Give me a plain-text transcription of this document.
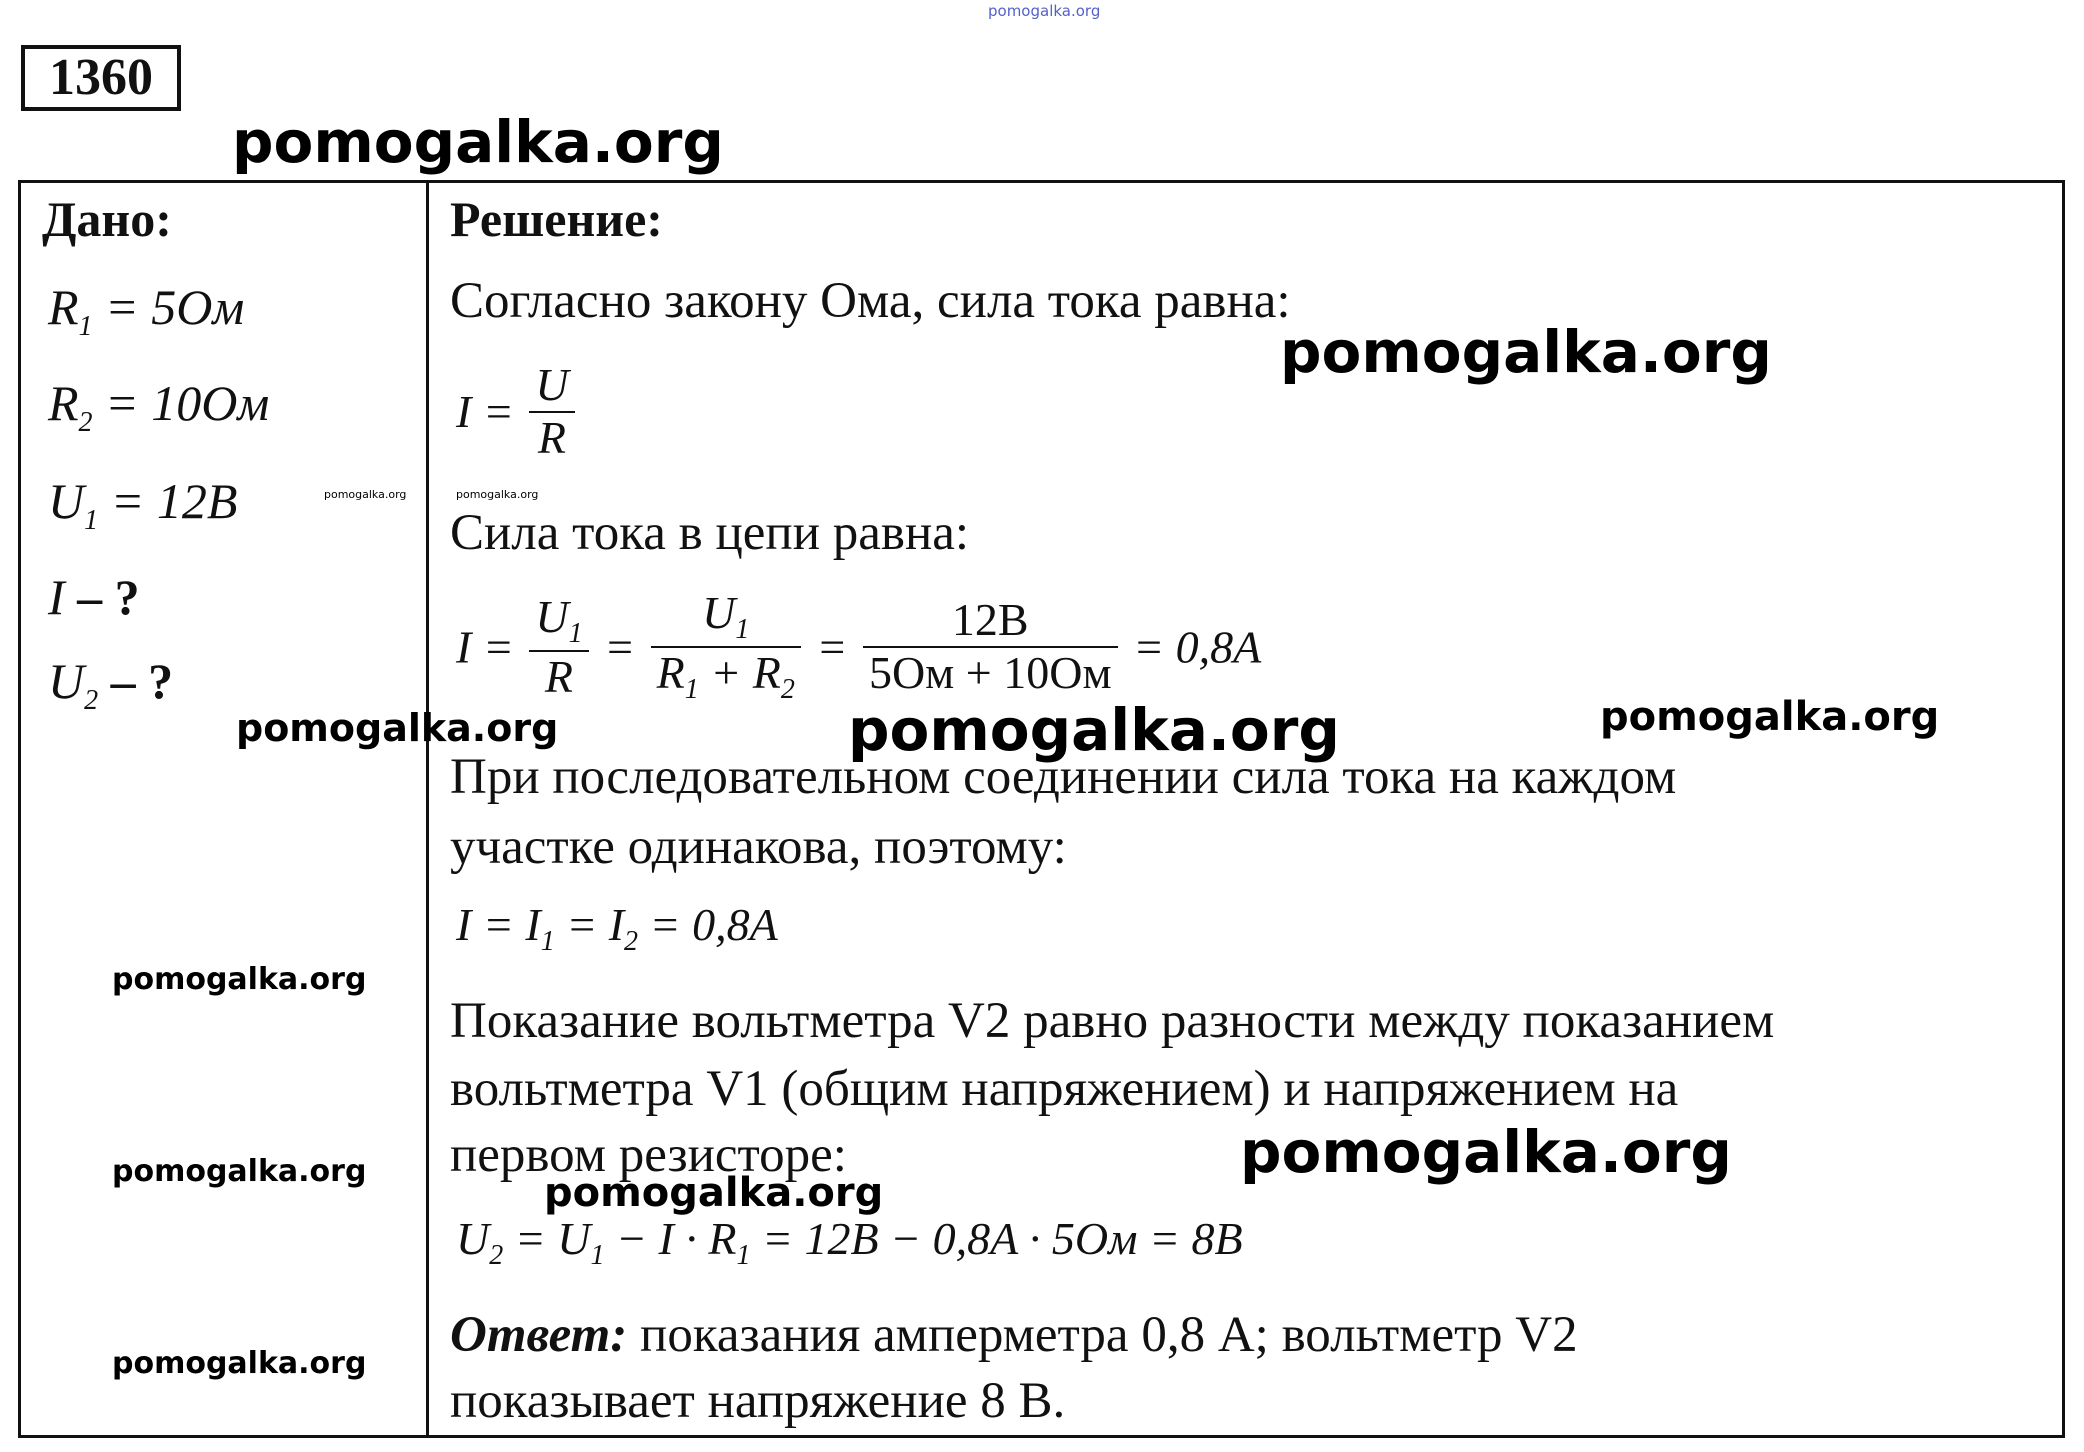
pomogalka.org
1360
pomogalka.org
Дано:
$R_1 = 5Ом$
$R_2 = 10Ом$
$U_1 = 12В$
I – ?
$U_2$ – ?
pomogalka.org	pomogalka.org
pomogalka.org
pomogalka.org
pomogalka.org
pomogalka.org
Решение:
Согласно закону Ома, сила тока равна:
pomogalka.org
$I = \frac{U}{R}$
Сила тока в цепи равна:
$I = \frac{U_1}{R} = \frac{U_1}{R_1 + R_2} = \frac{12В}{5Ом + 10Ом} = 0,8A$
pomogalka.org	pomogalka.org
При последовательном соединении сила тока на каждом
участке одинакова, поэтому:
$I = I_1 = I_2 = 0,8A$
Показание вольтметра V2 равно разности между показанием
вольтметра V1 (общим напряжением) и напряжением на
первом резисторе:	pomogalka.org
pomogalka.org
$U_2 = U_1 - I \cdot R_1 = 12В - 0,8A \cdot 5Ом = 8В$
Ответ: показания амперметра 0,8 А; вольтметр V2
показывает напряжение 8 В.
